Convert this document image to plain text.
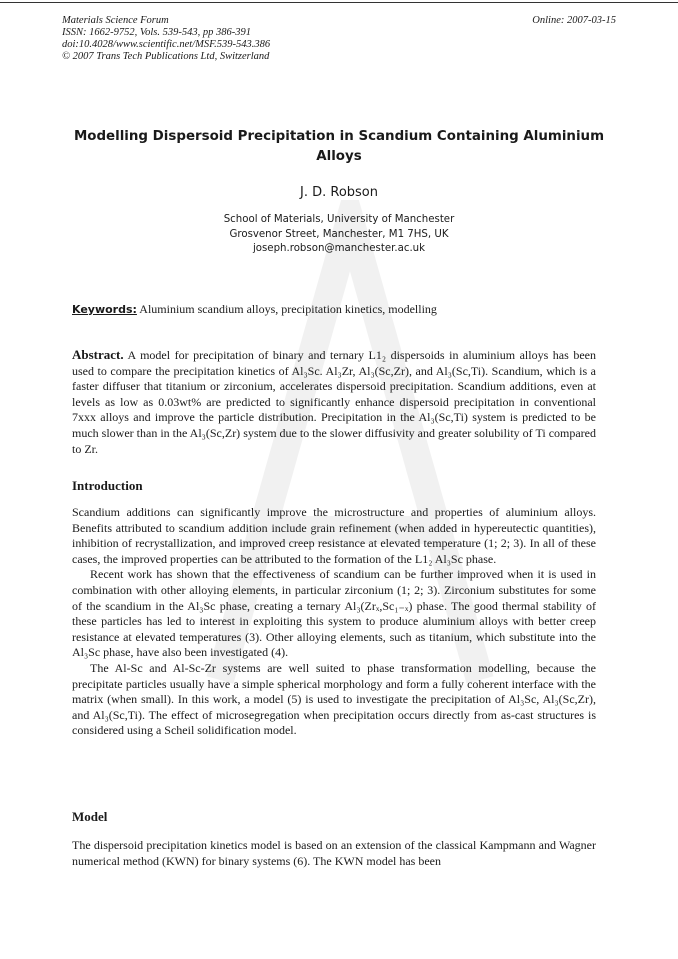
Materials Science Forum
ISSN: 1662-9752, Vols. 539-543, pp 386-391
doi:10.4028/www.scientific.net/MSF.539-543.386
© 2007 Trans Tech Publications Ltd, Switzerland
Online: 2007-03-15
Modelling Dispersoid Precipitation in Scandium Containing Aluminium Alloys
J. D. Robson
School of Materials, University of Manchester
Grosvenor Street, Manchester, M1 7HS, UK
joseph.robson@manchester.ac.uk
Keywords: Aluminium scandium alloys, precipitation kinetics, modelling
Abstract. A model for precipitation of binary and ternary L1₂ dispersoids in aluminium alloys has been used to compare the precipitation kinetics of Al₃Sc. Al₃Zr, Al₃(Sc,Zr), and Al₃(Sc,Ti). Scandium, which is a faster diffuser that titanium or zirconium, accelerates dispersoid precipitation. Scandium additions, even at levels as low as 0.03wt% are predicted to significantly enhance dispersoid precipitation in conventional 7xxx alloys and improve the particle distribution. Precipitation in the Al₃(Sc,Ti) system is predicted to be much slower than in the Al₃(Sc,Zr) system due to the slower diffusivity and greater solubility of Ti compared to Zr.
Introduction

Scandium additions can significantly improve the microstructure and properties of aluminium alloys. Benefits attributed to scandium addition include grain refinement (when added in hypereutectic quantities), inhibition of recrystallization, and improved creep resistance at elevated temperature (1; 2; 3). In all of these cases, the improved properties can be attributed to the formation of the L1₂ Al₃Sc phase.

Recent work has shown that the effectiveness of scandium can be further improved when it is used in combination with other alloying elements, in particular zirconium (1; 2; 3). Zirconium substitutes for some of the scandium in the Al₃Sc phase, creating a ternary Al₃(Zrₓ,Sc₁₋ₓ) phase. The good thermal stability of these particles has led to interest in exploiting this system to produce aluminium alloys with better creep resistance at elevated temperatures (3). Other alloying elements, such as titanium, which substitute into the Al₃Sc phase, have also been investigated (4).

The Al-Sc and Al-Sc-Zr systems are well suited to phase transformation modelling, because the precipitate particles usually have a simple spherical morphology and form a fully coherent interface with the matrix (when small). In this work, a model (5) is used to investigate the precipitation of Al₃Sc, Al₃(Sc,Zr), and Al₃(Sc,Ti). The effect of microsegregation when precipitation occurs directly from as-cast structures is considered using a Scheil solidification model.

Model

The dispersoid precipitation kinetics model is based on an extension of the classical Kampmann and Wagner numerical method (KWN) for binary systems (6). The KWN model has been
